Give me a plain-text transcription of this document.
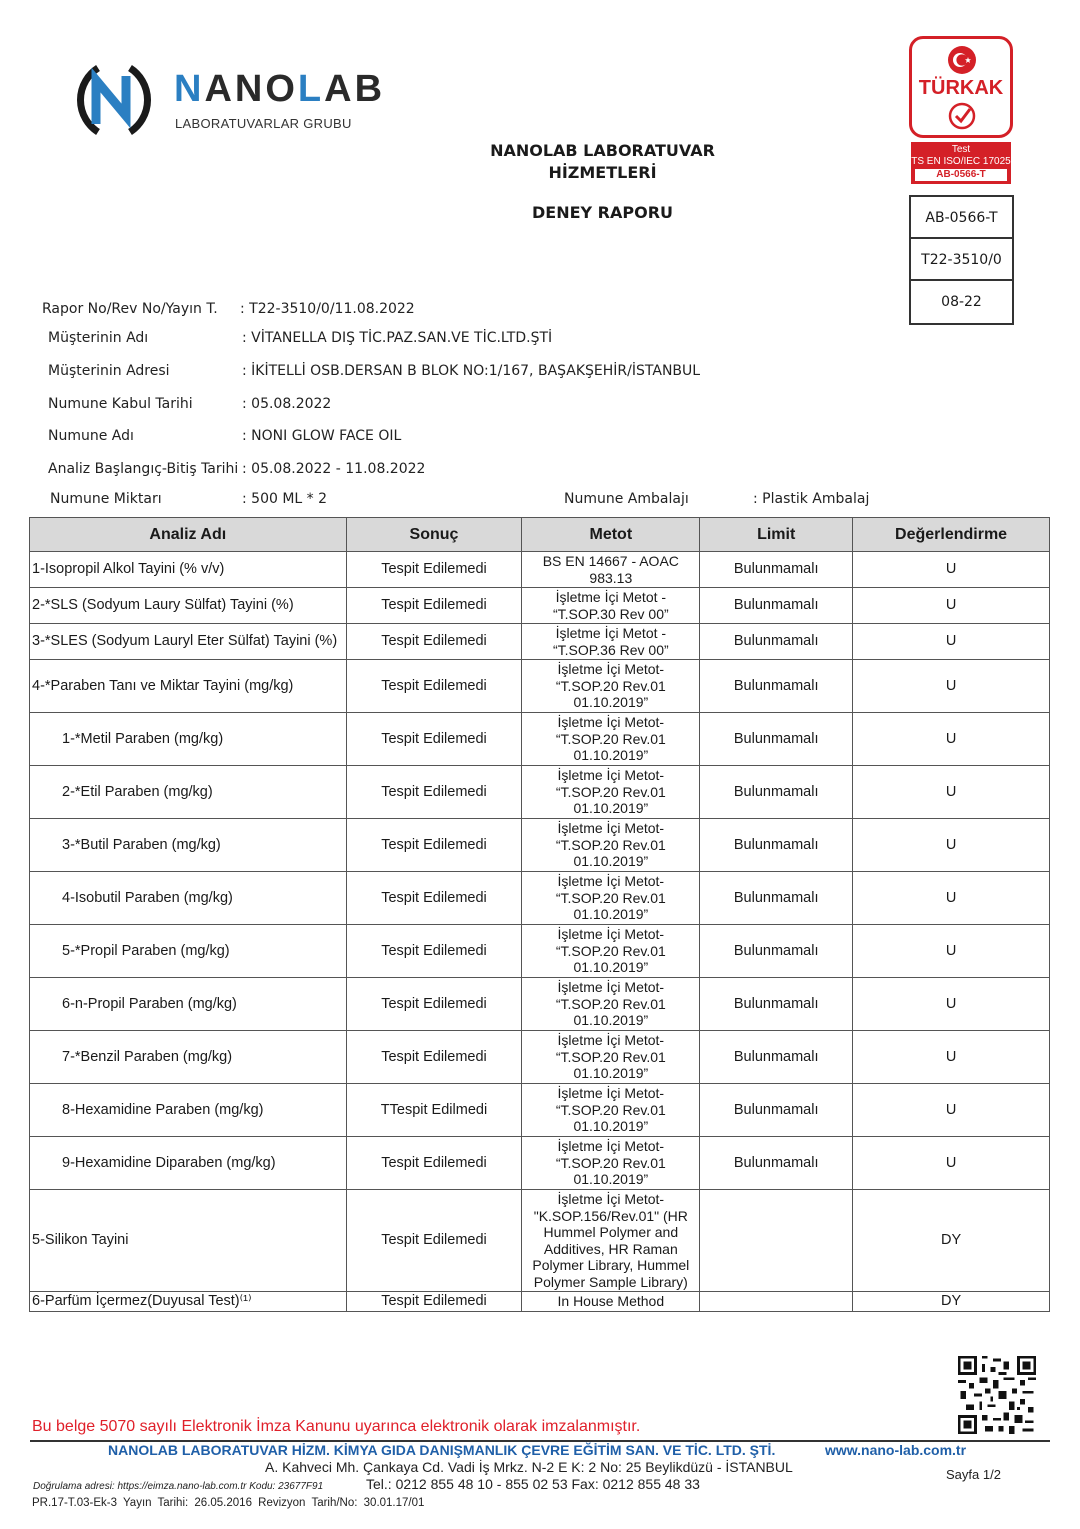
NANOLAB
LABORATUVARLAR GRUBU
NANOLAB LABORATUVAR
HİZMETLERİ
DENEY RAPORU
TÜRKAK
Test
TS EN ISO/IEC 17025
AB-0566-T
AB-0566-T
T22-3510/0
08-22
Rapor No/Rev No/Yayın T. : T22-3510/0/11.08.2022
Müşterinin Adı	: VİTANELLA DIŞ TİC.PAZ.SAN.VE TİC.LTD.ŞTİ
Müşterinin Adresi	: İKİTELLİ OSB.DERSAN B BLOK NO:1/167, BAŞAKŞEHİR/İSTANBUL
Numune Kabul Tarihi	: 05.08.2022
Numune Adı	: NONI GLOW FACE OIL
Analiz Başlangıç-Bitiş Tarihi : 05.08.2022 - 11.08.2022
Numune Miktarı	: 500 ML * 2	Numune Ambalajı	: Plastik Ambalaj
Analiz Adı	Sonuç	Metot	Limit	Değerlendirme
1-Isopropil Alkol Tayini (% v/v)	Tespit Edilemedi	BS EN 14667 - AOAC 983.13	Bulunmamalı	U
2-*SLS (Sodyum Laury Sülfat) Tayini (%)	Tespit Edilemedi	İşletme İçi Metot - “T.SOP.30 Rev 00”	Bulunmamalı	U
3-*SLES (Sodyum Lauryl Eter Sülfat) Tayini (%)	Tespit Edilemedi	İşletme İçi Metot - “T.SOP.36 Rev 00”	Bulunmamalı	U
4-*Paraben Tanı ve Miktar Tayini (mg/kg)	Tespit Edilemedi	İşletme İçi Metot- “T.SOP.20 Rev.01 01.10.2019”	Bulunmamalı	U
1-*Metil Paraben (mg/kg)	Tespit Edilemedi	İşletme İçi Metot- “T.SOP.20 Rev.01 01.10.2019”	Bulunmamalı	U
2-*Etil Paraben (mg/kg)	Tespit Edilemedi	İşletme İçi Metot- “T.SOP.20 Rev.01 01.10.2019”	Bulunmamalı	U
3-*Butil Paraben (mg/kg)	Tespit Edilemedi	İşletme İçi Metot- “T.SOP.20 Rev.01 01.10.2019”	Bulunmamalı	U
4-Isobutil Paraben (mg/kg)	Tespit Edilemedi	İşletme İçi Metot- “T.SOP.20 Rev.01 01.10.2019”	Bulunmamalı	U
5-*Propil Paraben (mg/kg)	Tespit Edilemedi	İşletme İçi Metot- “T.SOP.20 Rev.01 01.10.2019”	Bulunmamalı	U
6-n-Propil Paraben (mg/kg)	Tespit Edilemedi	İşletme İçi Metot- “T.SOP.20 Rev.01 01.10.2019”	Bulunmamalı	U
7-*Benzil Paraben (mg/kg)	Tespit Edilemedi	İşletme İçi Metot- “T.SOP.20 Rev.01 01.10.2019”	Bulunmamalı	U
8-Hexamidine Paraben (mg/kg)	TTespit Edilmedi	İşletme İçi Metot- “T.SOP.20 Rev.01 01.10.2019”	Bulunmamalı	U
9-Hexamidine Diparaben (mg/kg)	Tespit Edilemedi	İşletme İçi Metot- “T.SOP.20 Rev.01 01.10.2019”	Bulunmamalı	U
5-Silikon Tayini	Tespit Edilemedi	İşletme İçi Metot- "K.SOP.156/Rev.01" (HR Hummel Polymer and Additives, HR Raman Polymer Library, Hummel Polymer Sample Library)		DY
6-Parfüm İçermez(Duyusal Test)⁽¹⁾	Tespit Edilemedi	In House Method		DY
Bu belge 5070 sayılı Elektronik İmza Kanunu uyarınca elektronik olarak imzalanmıştır.
NANOLAB LABORATUVAR HİZM. KİMYA GIDA DANIŞMANLIK ÇEVRE EĞİTİM SAN. VE TİC. LTD. ŞTİ.	www.nano-lab.com.tr
A. Kahveci Mh. Çankaya Cd. Vadi İş Mrkz. N-2 E K: 2 No: 25 Beylikdüzü - İSTANBUL
Doğrulama adresi: https://eimza.nano-lab.com.tr Kodu: 23677F91	Tel.: 0212 855 48 10 - 855 02 53 Fax: 0212 855 48 33
Sayfa 1/2
PR.17-T.03-Ek-3 Yayın Tarihi: 26.05.2016 Revizyon Tarih/No: 30.01.17/01
